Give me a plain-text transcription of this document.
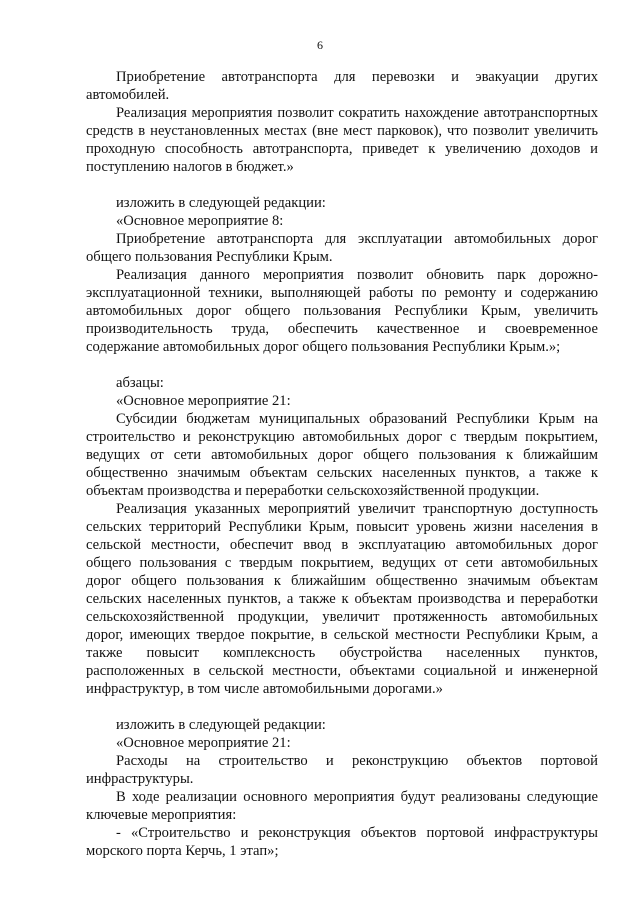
6

Приобретение автотранспорта для перевозки и эвакуации других автомобилей.

Реализация мероприятия позволит сократить нахождение автотранспортных средств в неустановленных местах (вне мест парковок), что позволит увеличить проходную способность автотранспорта, приведет к увеличению доходов и поступлению налогов в бюджет.»

изложить в следующей редакции:

«Основное мероприятие 8:

Приобретение автотранспорта для эксплуатации автомобильных дорог общего пользования Республики Крым.

Реализация данного мероприятия позволит обновить парк дорожно-эксплуатационной техники, выполняющей работы по ремонту и содержанию автомобильных дорог общего пользования Республики Крым, увеличить производительность труда, обеспечить качественное и своевременное содержание автомобильных дорог общего пользования Республики Крым.»;

абзацы:

«Основное мероприятие 21:

Субсидии бюджетам муниципальных образований Республики Крым на строительство и реконструкцию автомобильных дорог с твердым покрытием, ведущих от сети автомобильных дорог общего пользования к ближайшим общественно значимым объектам сельских населенных пунктов, а также к объектам производства и переработки сельскохозяйственной продукции.

Реализация указанных мероприятий увеличит транспортную доступность сельских территорий Республики Крым, повысит уровень жизни населения в сельской местности, обеспечит ввод в эксплуатацию автомобильных дорог общего пользования с твердым покрытием, ведущих от сети автомобильных дорог общего пользования к ближайшим общественно значимым объектам сельских населенных пунктов, а также к объектам производства и переработки сельскохозяйственной продукции, увеличит протяженность автомобильных дорог, имеющих твердое покрытие, в сельской местности Республики Крым, а также повысит комплексность обустройства населенных пунктов, расположенных в сельской местности, объектами социальной и инженерной инфраструктур, в том числе автомобильными дорогами.»

изложить в следующей редакции:

«Основное мероприятие 21:

Расходы на строительство и реконструкцию объектов портовой инфраструктуры.

В ходе реализации основного мероприятия будут реализованы следующие ключевые мероприятия:

- «Строительство и реконструкция объектов портовой инфраструктуры морского порта Керчь, 1 этап»;
